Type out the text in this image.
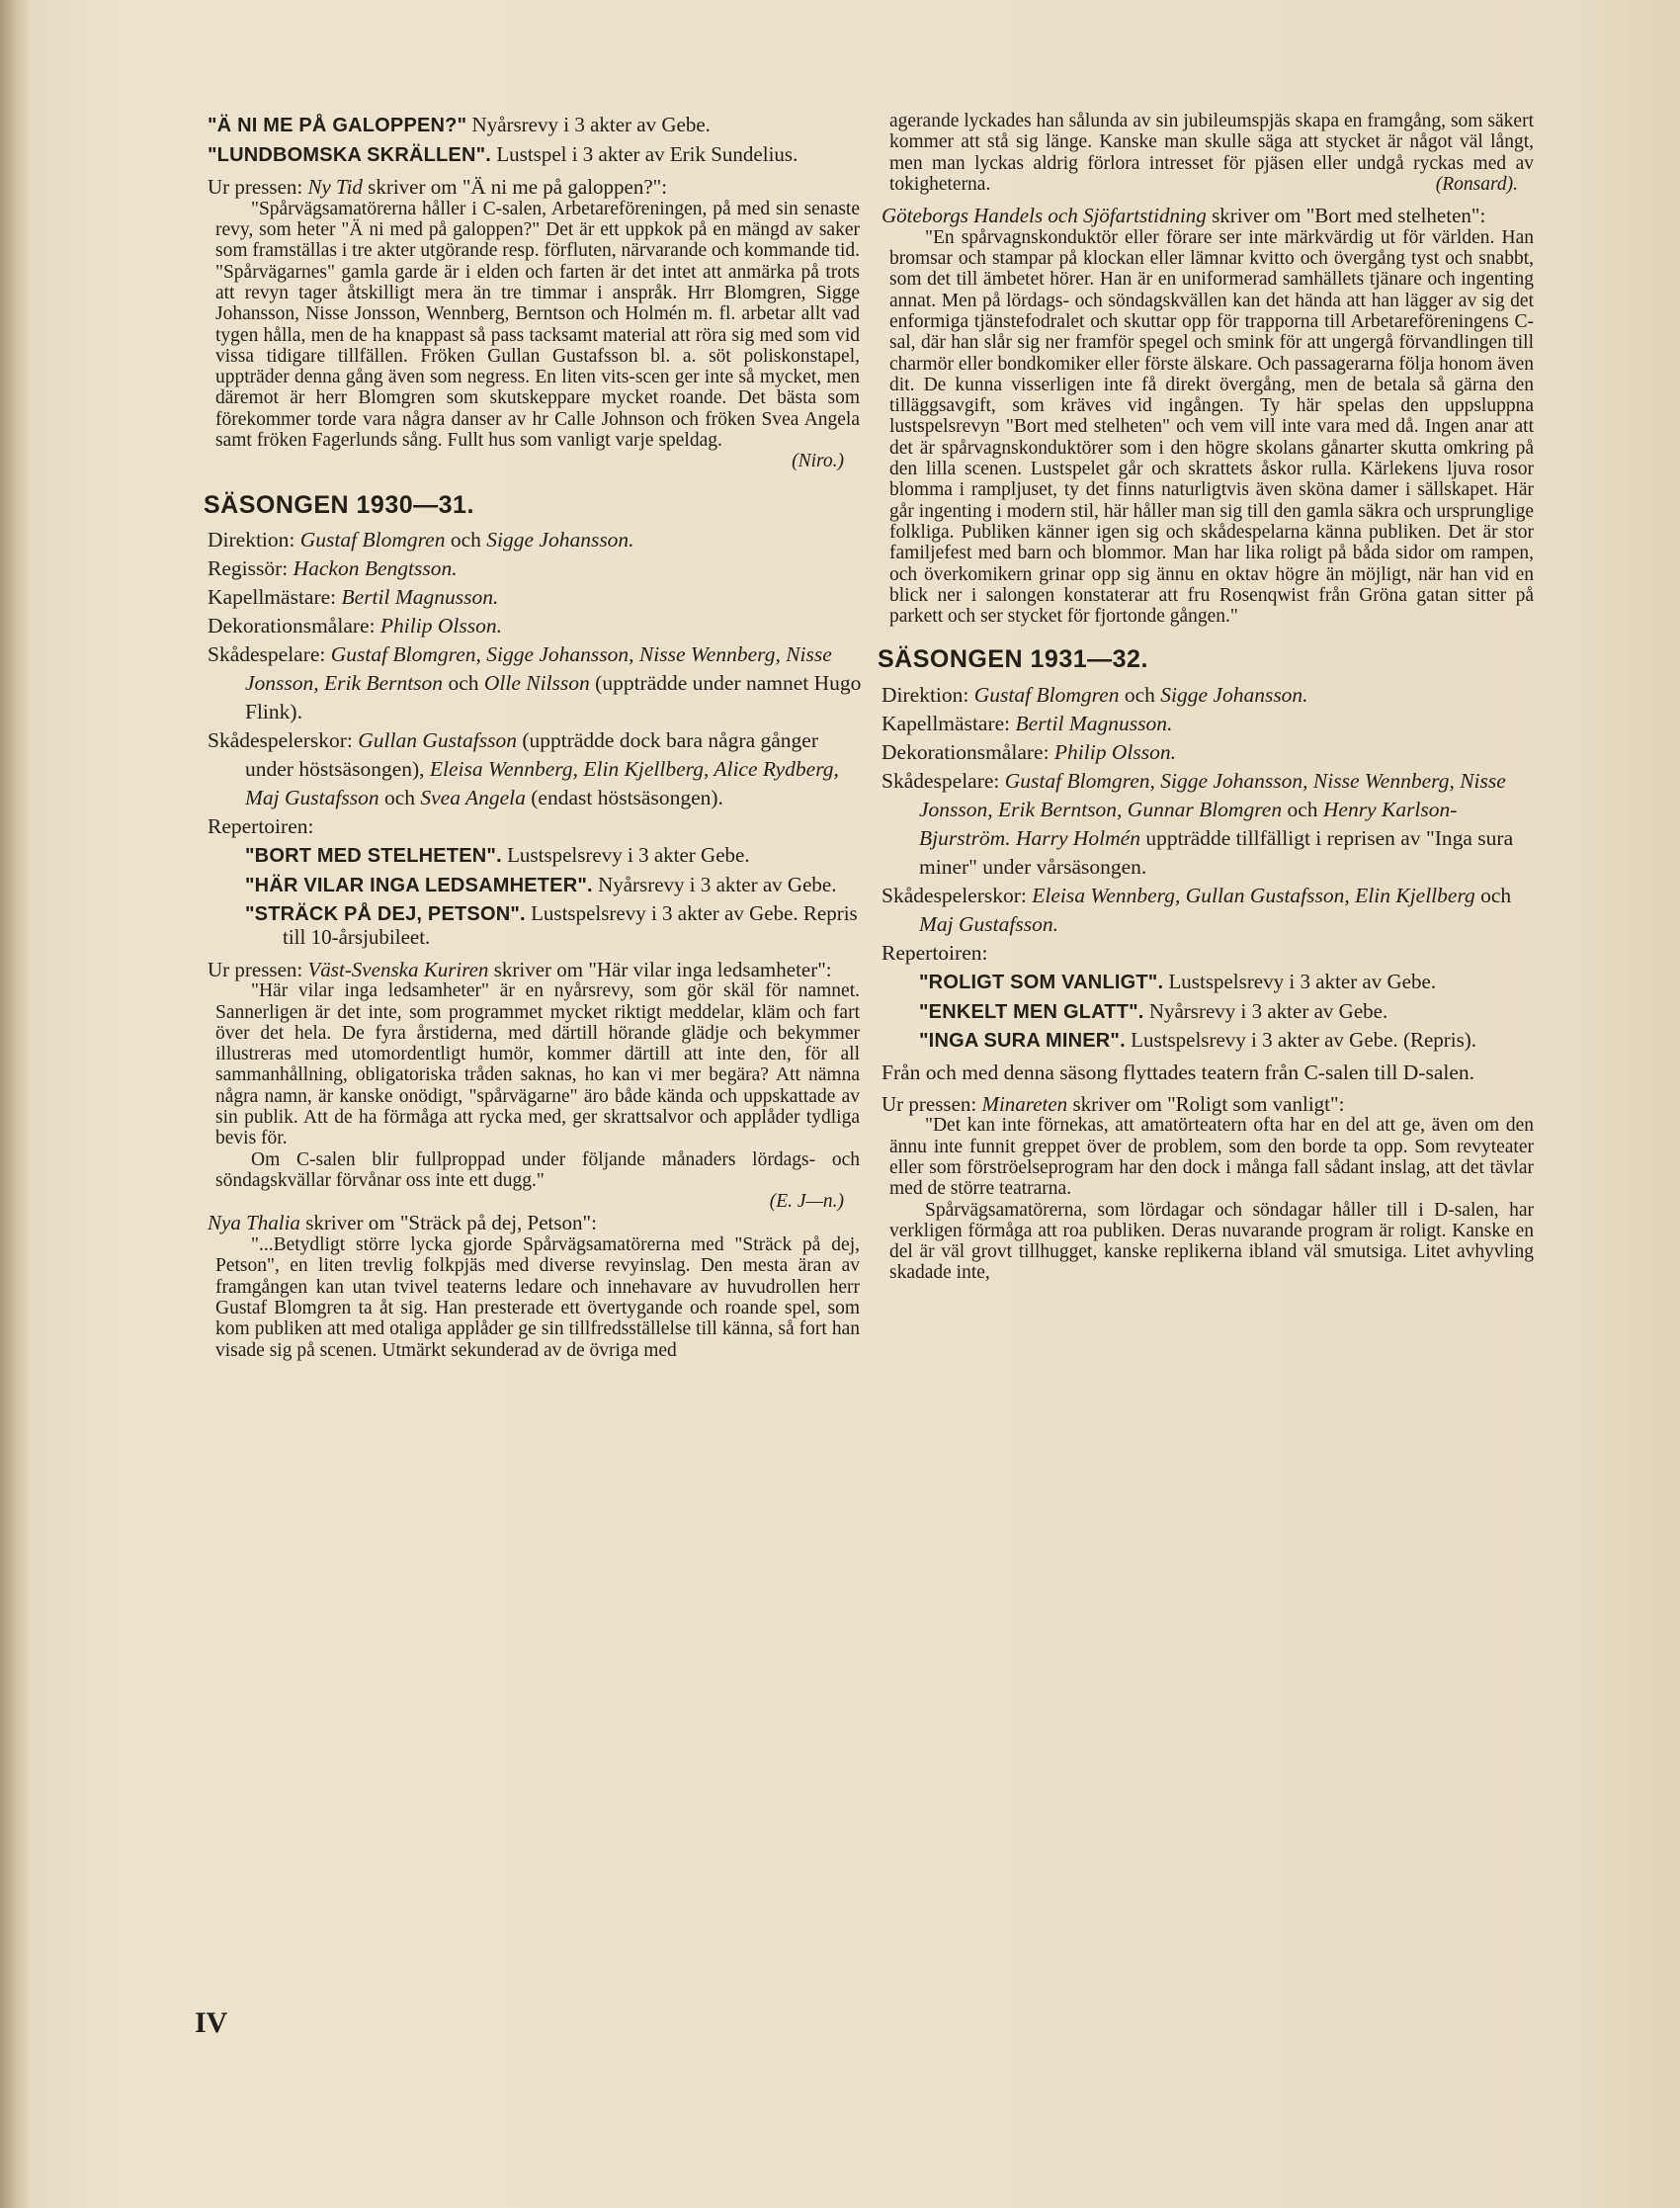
"Ä NI ME PÅ GALOPPEN?" Nyårsrevy i 3 akter av Gebe.
"LUNDBOMSKA SKRÄLLEN". Lustspel i 3 akter av Erik Sundelius.
Ur pressen: Ny Tid skriver om "Ä ni me på galoppen?":
"Spårvägsamatörerna håller i C-salen, Arbetareföreningen, på med sin senaste revy, som heter "Ä ni med på galoppen?" Det är ett uppkok på en mängd av saker som framställas i tre akter utgörande resp. förfluten, närvarande och kommande tid. "Spårvägarnes" gamla garde är i elden och farten är det intet att anmärka på trots att revyn tager åtskilligt mera än tre timmar i anspråk. Hrr Blomgren, Sigge Johansson, Nisse Jonsson, Wennberg, Berntson och Holmén m. fl. arbetar allt vad tygen hålla, men de ha knappast så pass tacksamt material att röra sig med som vid vissa tidigare tillfällen. Fröken Gullan Gustafsson bl. a. söt poliskonstapel, uppträder denna gång även som negress. En liten vits-scen ger inte så mycket, men däremot är herr Blomgren som skutskeppare mycket roande. Det bästa som förekommer torde vara några danser av hr Calle Johnson och fröken Svea Angela samt fröken Fagerlunds sång. Fullt hus som vanligt varje speldag.
(Niro.)
SÄSONGEN 1930—31.
Direktion: Gustaf Blomgren och Sigge Johansson.
Regissör: Hackon Bengtsson.
Kapellmästare: Bertil Magnusson.
Dekorationsmålare: Philip Olsson.
Skådespelare: Gustaf Blomgren, Sigge Johansson, Nisse Wennberg, Nisse Jonsson, Erik Berntson och Olle Nilsson (uppträdde under namnet Hugo Flink).
Skådespelerskor: Gullan Gustafsson (uppträdde dock bara några gånger under höstsäsongen), Eleisa Wennberg, Elin Kjellberg, Alice Rydberg, Maj Gustafsson och Svea Angela (endast höstsäsongen).
Repertoiren:
"BORT MED STELHETEN". Lustspelsrevy i 3 akter Gebe.
"HÄR VILAR INGA LEDSAMHETER". Nyårsrevy i 3 akter av Gebe.
"STRÄCK PÅ DEJ, PETSON". Lustspelsrevy i 3 akter av Gebe. Repris till 10-årsjubileet.
Ur pressen: Väst-Svenska Kuriren skriver om "Här vilar inga ledsamheter":
"Här vilar inga ledsamheter" är en nyårsrevy, som gör skäl för namnet. Sannerligen är det inte, som programmet mycket riktigt meddelar, kläm och fart över det hela. De fyra årstiderna, med därtill hörande glädje och bekymmer illustreras med utomordentligt humör, kommer därtill att inte den, för all sammanhållning, obligatoriska tråden saknas, ho kan vi mer begära? Att nämna några namn, är kanske onödigt, "spårvägarne" äro både kända och uppskattade av sin publik. Att de ha förmåga att rycka med, ger skrattsalvor och applåder tydliga bevis för.
Om C-salen blir fullproppad under följande månaders lördags- och söndagskvällar förvånar oss inte ett dugg."
(E. J—n.)
Nya Thalia skriver om "Sträck på dej, Petson":
"...Betydligt större lycka gjorde Spårvägsamatörerna med "Sträck på dej, Petson", en liten trevlig folkpjäs med diverse revyinslag. Den mesta äran av framgången kan utan tvivel teaterns ledare och innehavare av huvudrollen herr Gustaf Blomgren ta åt sig. Han presterade ett övertygande och roande spel, som kom publiken att med otaliga applåder ge sin tillfredsställelse till känna, så fort han visade sig på scenen. Utmärkt sekunderad av de övriga med
agerande lyckades han sålunda av sin jubileumspjäs skapa en framgång, som säkert kommer att stå sig länge. Kanske man skulle säga att stycket är något väl långt, men man lyckas aldrig förlora intresset för pjäsen eller undgå ryckas med av tokigheterna.	(Ronsard).
Göteborgs Handels och Sjöfartstidning skriver om "Bort med stelheten":
"En spårvagnskonduktör eller förare ser inte märkvärdig ut för världen. Han bromsar och stampar på klockan eller lämnar kvitto och övergång tyst och snabbt, som det till ämbetet hörer. Han är en uniformerad samhällets tjänare och ingenting annat. Men på lördags- och söndagskvällen kan det hända att han lägger av sig det enformiga tjänstefodralet och skuttar opp för trapporna till Arbetareföreningens C-sal, där han slår sig ner framför spegel och smink för att ungergå förvandlingen till charmör eller bondkomiker eller förste älskare. Och passagerarna följa honom även dit. De kunna visserligen inte få direkt övergång, men de betala så gärna den tilläggsavgift, som kräves vid ingången. Ty här spelas den uppsluppna lustspelsrevyn "Bort med stelheten" och vem vill inte vara med då. Ingen anar att det är spårvagnskonduktörer som i den högre skolans gånarter skutta omkring på den lilla scenen. Lustspelet går och skrattets åskor rulla. Kärlekens ljuva rosor blomma i rampljuset, ty det finns naturligtvis även sköna damer i sällskapet. Här går ingenting i modern stil, här håller man sig till den gamla säkra och ursprunglige folkliga. Publiken känner igen sig och skådespelarna känna publiken. Det är stor familjefest med barn och blommor. Man har lika roligt på båda sidor om rampen, och överkomikern grinar opp sig ännu en oktav högre än möjligt, när han vid en blick ner i salongen konstaterar att fru Rosenqwist från Gröna gatan sitter på parkett och ser stycket för fjortonde gången."
SÄSONGEN 1931—32.
Direktion: Gustaf Blomgren och Sigge Johansson.
Kapellmästare: Bertil Magnusson.
Dekorationsmålare: Philip Olsson.
Skådespelare: Gustaf Blomgren, Sigge Johansson, Nisse Wennberg, Nisse Jonsson, Erik Berntson, Gunnar Blomgren och Henry Karlson-Bjurström. Harry Holmén uppträdde tillfälligt i reprisen av "Inga sura miner" under vårsäsongen.
Skådespelerskor: Eleisa Wennberg, Gullan Gustafsson, Elin Kjellberg och Maj Gustafsson.
Repertoiren:
"ROLIGT SOM VANLIGT". Lustspelsrevy i 3 akter av Gebe.
"ENKELT MEN GLATT". Nyårsrevy i 3 akter av Gebe.
"INGA SURA MINER". Lustspelsrevy i 3 akter av Gebe. (Repris).
Från och med denna säsong flyttades teatern från C-salen till D-salen.
Ur pressen: Minareten skriver om "Roligt som vanligt":
"Det kan inte förnekas, att amatörteatern ofta har en del att ge, även om den ännu inte funnit greppet över de problem, som den borde ta opp. Som revyteater eller som förströelseprogram har den dock i många fall sådant inslag, att det tävlar med de större teatrarna.
Spårvägsamatörerna, som lördagar och söndagar håller till i D-salen, har verkligen förmåga att roa publiken. Deras nuvarande program är roligt. Kanske en del är väl grovt tillhugget, kanske replikerna ibland väl smutsiga. Litet avhyvling skadade inte,
IV
